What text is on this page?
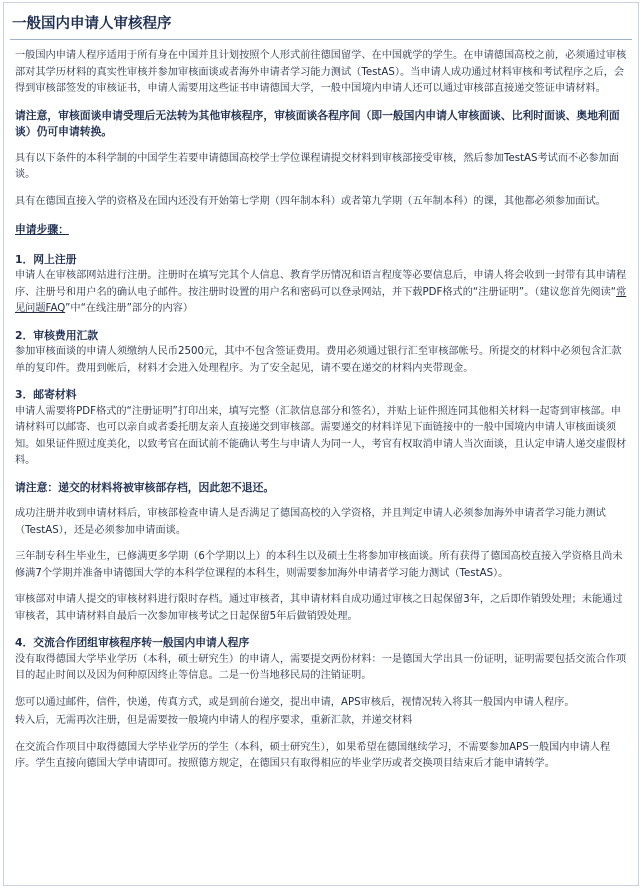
一般国内申请人审核程序

一般国内申请人程序适用于所有身在中国并且计划按照个人形式前往德国留学、在中国就学的学生。在申请德国高校之前，必须通过审核部对其学历材料的真实性审核并参加审核面谈或者海外申请者学习能力测试（TestAS）。当申请人成功通过材料审核和考试程序之后，会得到审核部签发的审核证书，申请人需要用这些证书申请德国大学，一般中国境内申请人还可以通过审核部直接递交签证申请材料。

请注意，审核面谈申请受理后无法转为其他审核程序，审核面谈各程序间（即一般国内申请人审核面谈、比利时面谈、奥地利面谈）仍可申请转换。

具有以下条件的本科学制的中国学生若要申请德国高校学士学位课程请提交材料到审核部接受审核，然后参加TestAS考试而不必参加面谈。

具有在德国直接入学的资格及在国内还没有开始第七学期（四年制本科）或者第九学期（五年制本科）的课，其他都必须参加面试。

申请步骤：

1．网上注册
申请人在审核部网站进行注册。注册时在填写完其个人信息、教育学历情况和语言程度等必要信息后，申请人将会收到一封带有其申请程序、注册号和用户名的确认电子邮件。按注册时设置的用户名和密码可以登录网站，并下载PDF格式的“注册证明”。（建议您首先阅读“常见问题FAQ”中“在线注册”部分的内容）

2．审核费用汇款
参加审核面谈的申请人须缴纳人民币2500元，其中不包含签证费用。费用必须通过银行汇至审核部帐号。所提交的材料中必须包含汇款单的复印件。费用到帐后，材料才会进入处理程序。为了安全起见，请不要在递交的材料内夹带现金。

3．邮寄材料
申请人需要将PDF格式的“注册证明”打印出来，填写完整（汇款信息部分和签名），并贴上证件照连同其他相关材料一起寄到审核部。申请材料可以邮寄、也可以亲自或者委托朋友亲人直接递交到审核部。需要递交的材料详见下面链接中的一般中国境内申请人审核面谈须知。如果证件照过度美化，以致考官在面试前不能确认考生与申请人为同一人，考官有权取消申请人当次面谈，且认定申请人递交虚假材料。

请注意：递交的材料将被审核部存档，因此恕不退还。

成功注册并收到申请材料后，审核部检查申请人是否满足了德国高校的入学资格，并且判定申请人必须参加海外申请者学习能力测试（TestAS），还是必须参加申请面谈。

三年制专科生毕业生，已修满更多学期（6个学期以上）的本科生以及硕士生将参加审核面谈。所有获得了德国高校直接入学资格且尚未修满7个学期并准备申请德国大学的本科学位课程的本科生，则需要参加海外申请者学习能力测试（TestAS）。

审核部对申请人提交的审核材料进行限时存档。通过审核者，其申请材料自成功通过审核之日起保留3年，之后即作销毁处理；未能通过审核者，其申请材料自最后一次参加审核考试之日起保留5年后做销毁处理。

4．交流合作团组审核程序转一般国内申请人程序
没有取得德国大学毕业学历（本科，硕士研究生）的申请人，需要提交两份材料：一是德国大学出具一份证明，证明需要包括交流合作项目的起止时间以及因为何种原因终止等信息。二是一份当地移民局的注销证明。

您可以通过邮件，信件，快递，传真方式，或是到前台递交，提出申请，APS审核后，视情况转入将其一般国内申请人程序。

转入后，无需再次注册，但是需要按一般境内申请人的程序要求，重新汇款，并递交材料

在交流合作项目中取得德国大学毕业学历的学生（本科，硕士研究生），如果希望在德国继续学习，不需要参加APS一般国内申请人程序。学生直接向德国大学申请即可。按照德方规定，在德国只有取得相应的毕业学历或者交换项目结束后才能申请转学。
